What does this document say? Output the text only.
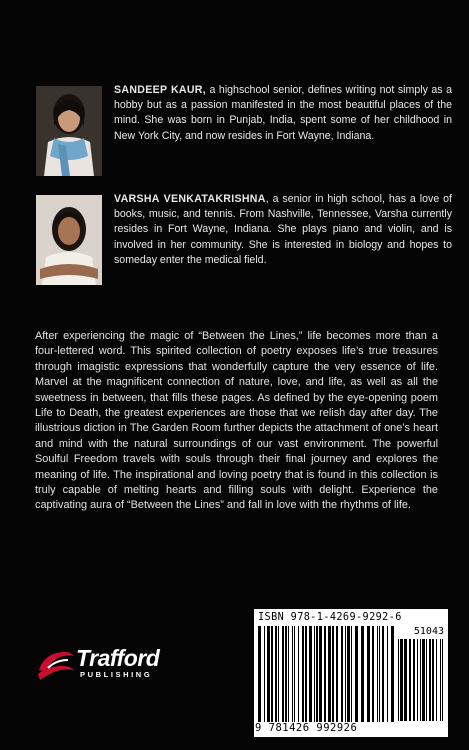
SANDEEP KAUR, a highschool senior, defines writing not simply as a hobby but as a passion manifested in the most beautiful places of the mind. She was born in Punjab, India, spent some of her childhood in New York City, and now resides in Fort Wayne, Indiana.
VARSHA VENKATAKRISHNA, a senior in high school, has a love of books, music, and tennis. From Nashville, Tennessee, Varsha currently resides in Fort Wayne, Indiana. She plays piano and violin, and is involved in her community. She is interested in biology and hopes to someday enter the medical field.
After experiencing the magic of “Between the Lines,” life becomes more than a four-lettered word. This spirited collection of poetry exposes life’s true treasures through imagistic expressions that wonderfully capture the very essence of life. Marvel at the magnificent connection of nature, love, and life, as well as all the sweetness in between, that fills these pages. As defined by the eye-opening poem Life to Death, the greatest experiences are those that we relish day after day. The illustrious diction in The Garden Room further depicts the attachment of one’s heart and mind with the natural surroundings of our vast environment. The powerful Soulful Freedom travels with souls through their final journey and explores the meaning of life. The inspirational and loving poetry that is found in this collection is truly capable of melting hearts and filling souls with delight. Experience the captivating aura of “Between the Lines” and fall in love with the rhythms of life.
Trafford
PUBLISHING
ISBN 978-1-4269-9292-6
51043
9 781426 992926
